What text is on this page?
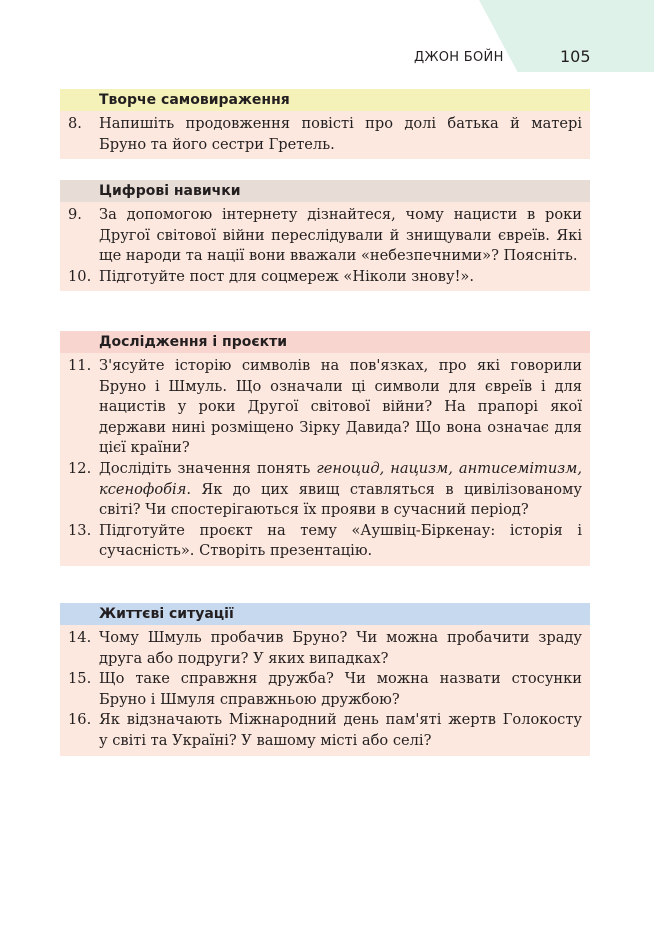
ДЖОН БОЙН	105
Творче самовираження
8. Напишіть продовження повісті про долі батька й матері Бруно та його сестри Гретель.
Цифрові навички
9. За допомогою інтернету дізнайтеся, чому нацисти в роки Другої світової війни переслідували й знищували євреїв. Які ще народи та нації вони вважали «небезпечними»? Поясніть.
10. Підготуйте пост для соцмереж «Ніколи знову!».
Дослідження і проєкти
11. З'ясуйте історію символів на пов'язках, про які говорили Бруно і Шмуль. Що означали ці символи для євреїв і для нацистів у роки Другої світової війни? На прапорі якої держави нині розміщено Зірку Давида? Що вона означає для цієї країни?
12. Дослідіть значення понять геноцид, нацизм, антисемітизм, ксенофобія. Як до цих явищ ставляться в цивілізованому світі? Чи спостерігаються їх прояви в сучасний період?
13. Підготуйте проєкт на тему «Аушвіц-Біркенау: історія і сучасність». Створіть презентацію.
Життєві ситуації
14. Чому Шмуль пробачив Бруно? Чи можна пробачити зраду друга або подруги? У яких випадках?
15. Що таке справжня дружба? Чи можна назвати стосунки Бруно і Шмуля справжньою дружбою?
16. Як відзначають Міжнародний день пам'яті жертв Голокосту у світі та Україні? У вашому місті або селі?
